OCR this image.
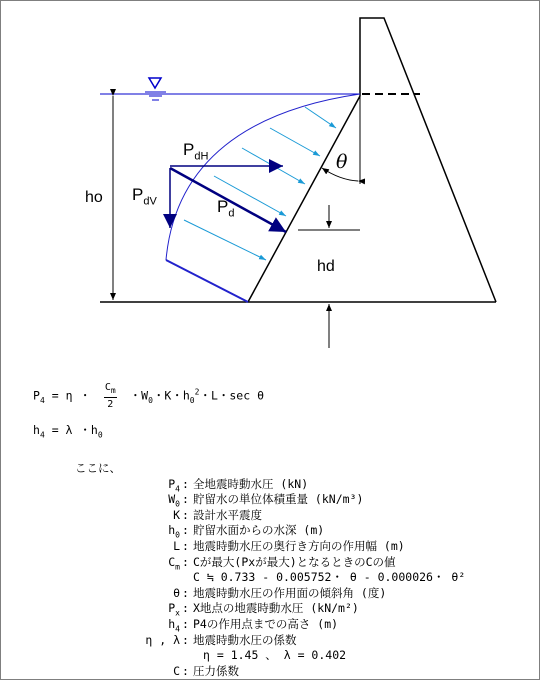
ho
hd
θ
$P_{dH}$
$P_{dV}$	$P_d$
$P_4 = \eta$ ・ $\frac{C_m}{2}$ ・$W_0$・K・$h_0^2$・L・sec θ
$h_4 = \lambda$ ・$h_0$
ここに、
$P_4$ : 全地震時動水圧 (kN)
$W_0$ : 貯留水の単位体積重量 (kN/m³)
K : 設計水平震度
$h_0$ : 貯留水面からの水深 (m)
L : 地震時動水圧の奥行き方向の作用幅 (m)
$C_m$ : Cが最大(Pxが最大)となるときのCの値
C ≒ 0.733 - 0.005752・ θ - 0.000026・ θ²
θ : 地震時動水圧の作用面の傾斜角 (度)
$P_x$ : X地点の地震時動水圧 (kN/m²)
$h_4$ : P4の作用点までの高さ (m)
η , λ : 地震時動水圧の係数
η = 1.45 、 λ = 0.402
C : 圧力係数
